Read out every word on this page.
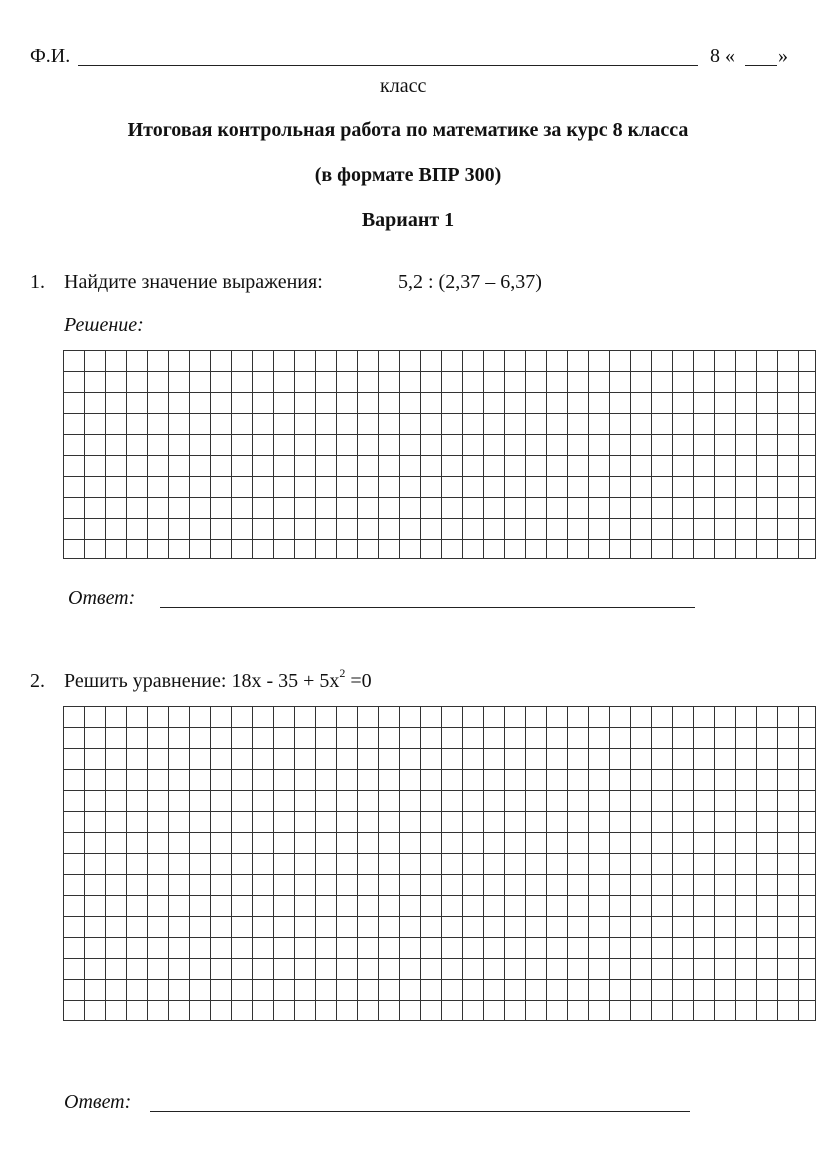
Ф.И.	8 « »
класс
Итоговая контрольная работа по математике за курс 8 класса
(в формате ВПР 300)
Вариант 1
1. Найдите значение выражения:	5,2 : (2,37 – 6,37)
Решение:
Ответ:
2. Решить уравнение: $18x - 35 + 5x^2 =0$
Ответ:
